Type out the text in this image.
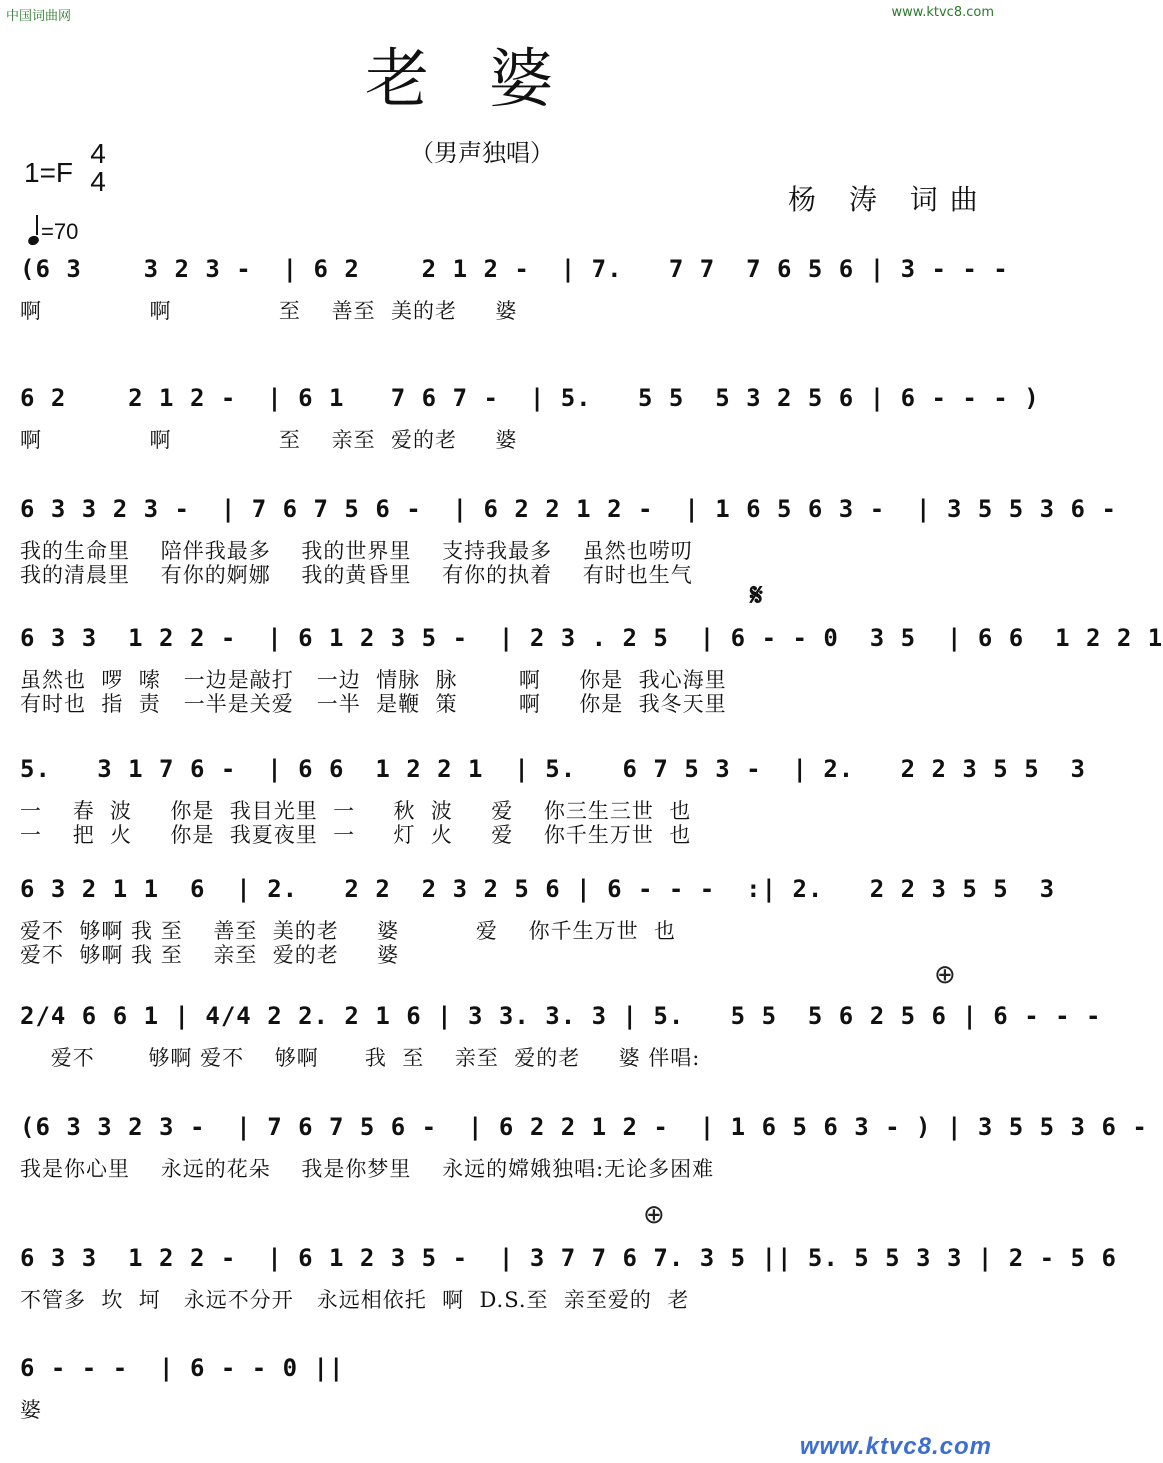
中国词曲网	www.ktvc8.com
老婆
（男声独唱）
1=F
4
4
杨 涛 词曲
=70
(6 3    3 2 3 -  | 6 2    2 1 2 -  | 7.   7 7  7 6 5 6 | 3 - - -
啊              啊              至    善至  美的老     婆
6 2    2 1 2 -  | 6 1   7 6 7 -  | 5.   5 5  5 3 2 5 6 | 6 - - - )
啊              啊              至    亲至  爱的老     婆
6 3 3 2 3 -  | 7 6 7 5 6 -  | 6 2 2 1 2 -  | 1 6 5 6 3 -  | 3 5 5 3 6 -
我的生命里    陪伴我最多    我的世界里    支持我最多    虽然也唠叨
我的清晨里    有你的婀娜    我的黄昏里    有你的执着    有时也生气
𝄋
6 3 3  1 2 2 -  | 6 1 2 3 5 -  | 2 3 . 2 5  | 6 - - 0  3 5  | 6 6  1 2 2 1
虽然也  啰  嗦   一边是敲打   一边  情脉  脉        啊     你是  我心海里
有时也  指  责   一半是关爱   一半  是鞭  策        啊     你是  我冬天里
5.   3 1 7 6 -  | 6 6  1 2 2 1  | 5.   6 7 5 3 -  | 2.   2 2 3 5 5  3
一    春  波     你是  我目光里  一     秋  波     爱    你三生三世  也
一    把  火     你是  我夏夜里  一     灯  火     爱    你千生万世  也
6 3 2 1 1  6  | 2.   2 2  2 3 2 5 6 | 6 - - -  :| 2.   2 2 3 5 5  3
爱不  够啊 我 至    善至  美的老     婆          爱    你千生万世  也
爱不  够啊 我 至    亲至  爱的老     婆
⊕
2/4 6 6 1 | 4/4 2 2. 2 1 6 | 3 3. 3. 3 | 5.   5 5  5 6 2 5 6 | 6 - - -
爱不       够啊 爱不    够啊      我  至    亲至  爱的老     婆 伴唱:
(6 3 3 2 3 -  | 7 6 7 5 6 -  | 6 2 2 1 2 -  | 1 6 5 6 3 - ) | 3 5 5 3 6 -
我是你心里    永远的花朵    我是你梦里    永远的嫦娥独唱:无论多困难
⊕
6 3 3  1 2 2 -  | 6 1 2 3 5 -  | 3 7 7 6 7. 3 5 || 5. 5 5 3 3 | 2 - 5 6
不管多  坎  坷   永远不分开   永远相依托  啊  D.S.至  亲至爱的  老
6 - - -  | 6 - - 0 ||
婆
www.ktvc8.com
